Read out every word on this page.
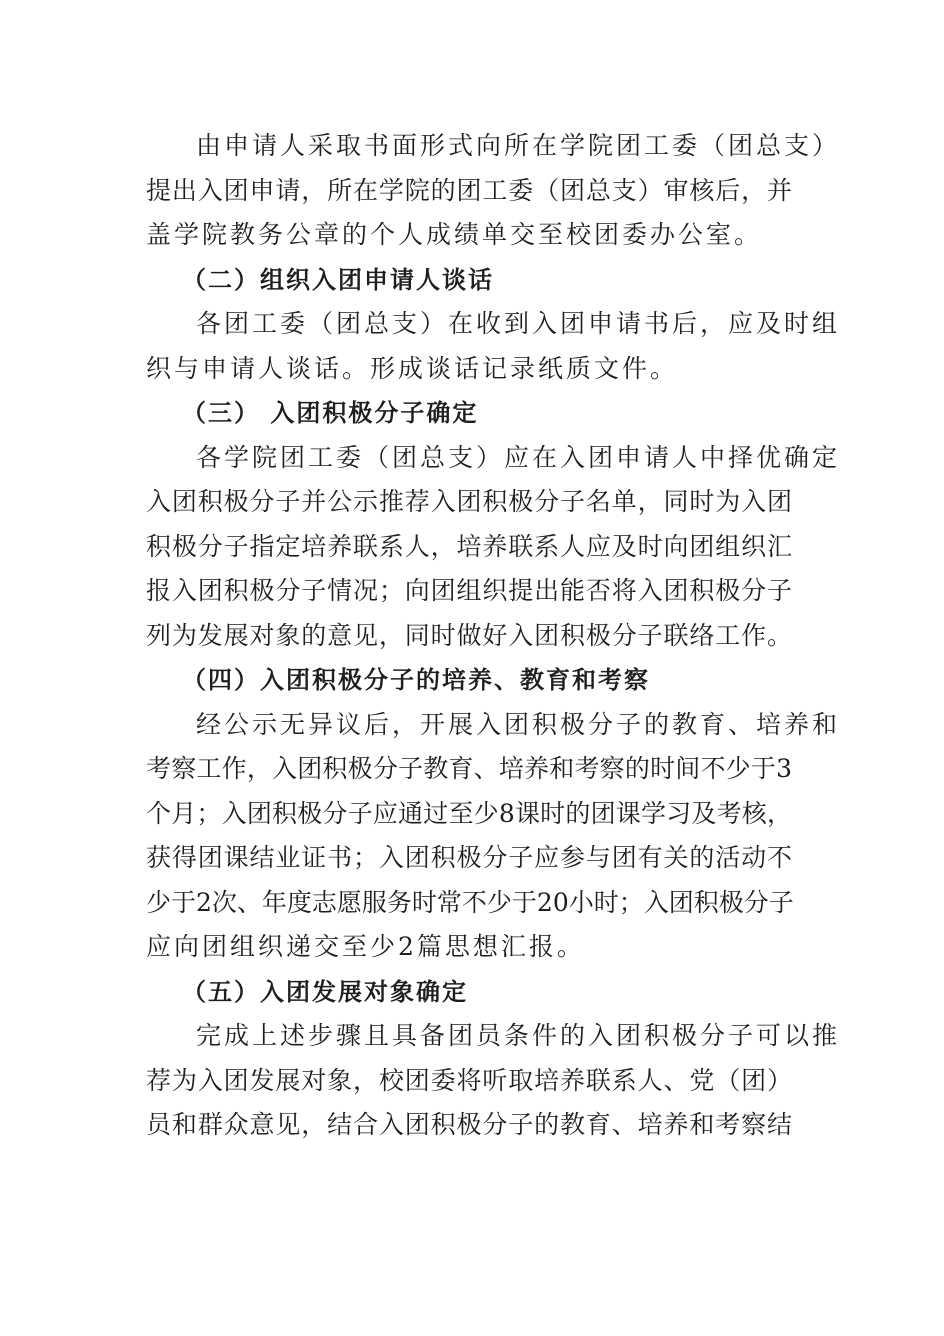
由申请人采取书面形式向所在学院团工委（团总支）
提出入团申请，所在学院的团工委（团总支）审核后，并
盖学院教务公章的个人成绩单交至校团委办公室。
（二）组织入团申请人谈话
各团工委（团总支）在收到入团申请书后，应及时组
织与申请人谈话。形成谈话记录纸质文件。
（三） 入团积极分子确定
各学院团工委（团总支）应在入团申请人中择优确定
入团积极分子并公示推荐入团积极分子名单，同时为入团
积极分子指定培养联系人，培养联系人应及时向团组织汇
报入团积极分子情况；向团组织提出能否将入团积极分子
列为发展对象的意见，同时做好入团积极分子联络工作。
（四）入团积极分子的培养、教育和考察
经公示无异议后，开展入团积极分子的教育、培养和
考察工作，入团积极分子教育、培养和考察的时间不少于3
个月；入团积极分子应通过至少8课时的团课学习及考核，
获得团课结业证书；入团积极分子应参与团有关的活动不
少于2次、年度志愿服务时常不少于20小时；入团积极分子
应向团组织递交至少2篇思想汇报。
（五）入团发展对象确定
完成上述步骤且具备团员条件的入团积极分子可以推
荐为入团发展对象，校团委将听取培养联系人、党（团）
员和群众意见，结合入团积极分子的教育、培养和考察结
